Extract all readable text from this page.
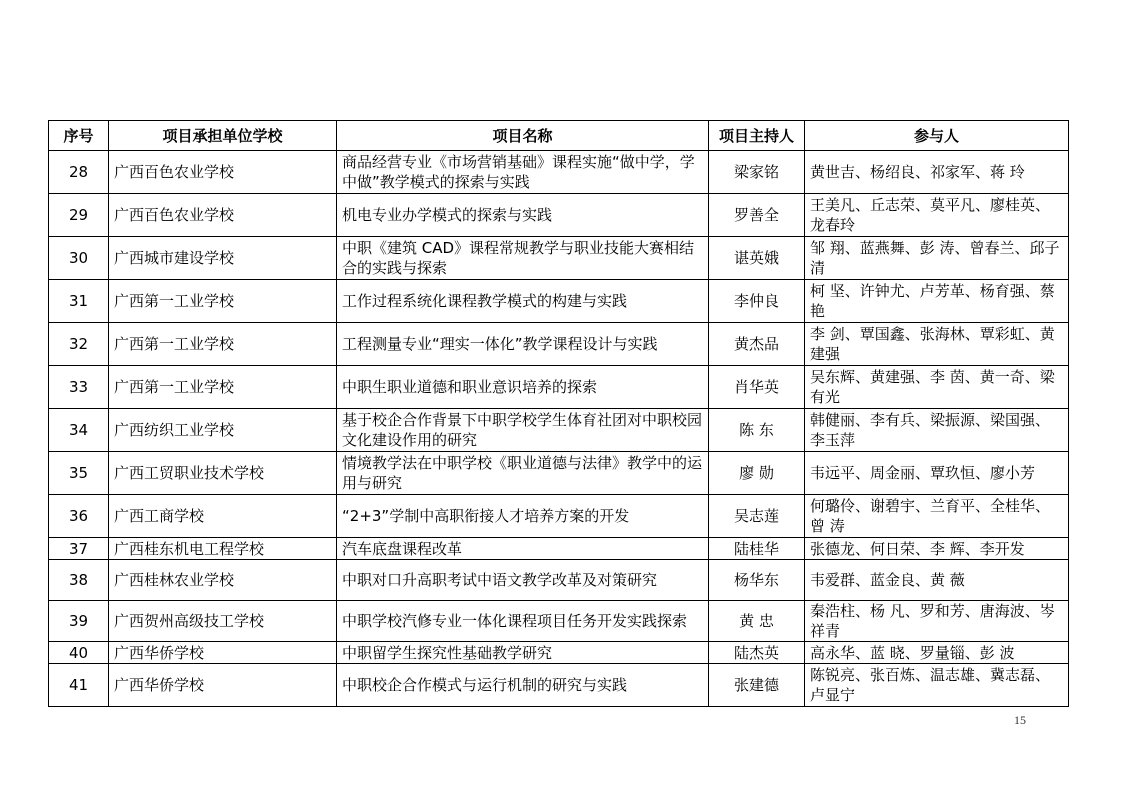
序号	项目承担单位学校	项目名称	项目主持人	参与人
28	广西百色农业学校	商品经营专业《市场营销基础》课程实施“做中学，学中做”教学模式的探索与实践	梁家铭	黄世吉、杨绍良、祁家军、蒋 玲
29	广西百色农业学校	机电专业办学模式的探索与实践	罗善全	王美凡、丘志荣、莫平凡、廖桂英、龙春玲
30	广西城市建设学校	中职《建筑 CAD》课程常规教学与职业技能大赛相结合的实践与探索	谌英娥	邹 翔、蓝燕舞、彭 涛、曾春兰、邱子清
31	广西第一工业学校	工作过程系统化课程教学模式的构建与实践	李仲良	柯 坚、许钟尤、卢芳革、杨育强、蔡 艳
32	广西第一工业学校	工程测量专业“理实一体化”教学课程设计与实践	黄杰品	李 剑、覃国鑫、张海林、覃彩虹、黄建强
33	广西第一工业学校	中职生职业道德和职业意识培养的探索	肖华英	吴东辉、黄建强、李 茵、黄一奇、梁有光
34	广西纺织工业学校	基于校企合作背景下中职学校学生体育社团对中职校园文化建设作用的研究	陈 东	韩健丽、李有兵、梁振源、梁国强、李玉萍
35	广西工贸职业技术学校	情境教学法在中职学校《职业道德与法律》教学中的运用与研究	廖 勋	韦远平、周金丽、覃玖恒、廖小芳
36	广西工商学校	“2+3”学制中高职衔接人才培养方案的开发	吴志莲	何璐伶、谢碧宇、兰育平、全桂华、曾 涛
37	广西桂东机电工程学校	汽车底盘课程改革	陆桂华	张德龙、何日荣、李 辉、李开发
38	广西桂林农业学校	中职对口升高职考试中语文教学改革及对策研究	杨华东	韦爱群、蓝金良、黄 薇
39	广西贺州高级技工学校	中职学校汽修专业一体化课程项目任务开发实践探索	黄 忠	秦浩柱、杨 凡、罗和芳、唐海波、岑祥青
40	广西华侨学校	中职留学生探究性基础教学研究	陆杰英	高永华、蓝 晓、罗量锱、彭 波
41	广西华侨学校	中职校企合作模式与运行机制的研究与实践	张建德	陈锐亮、张百炼、温志雄、冀志磊、卢显宁
15
